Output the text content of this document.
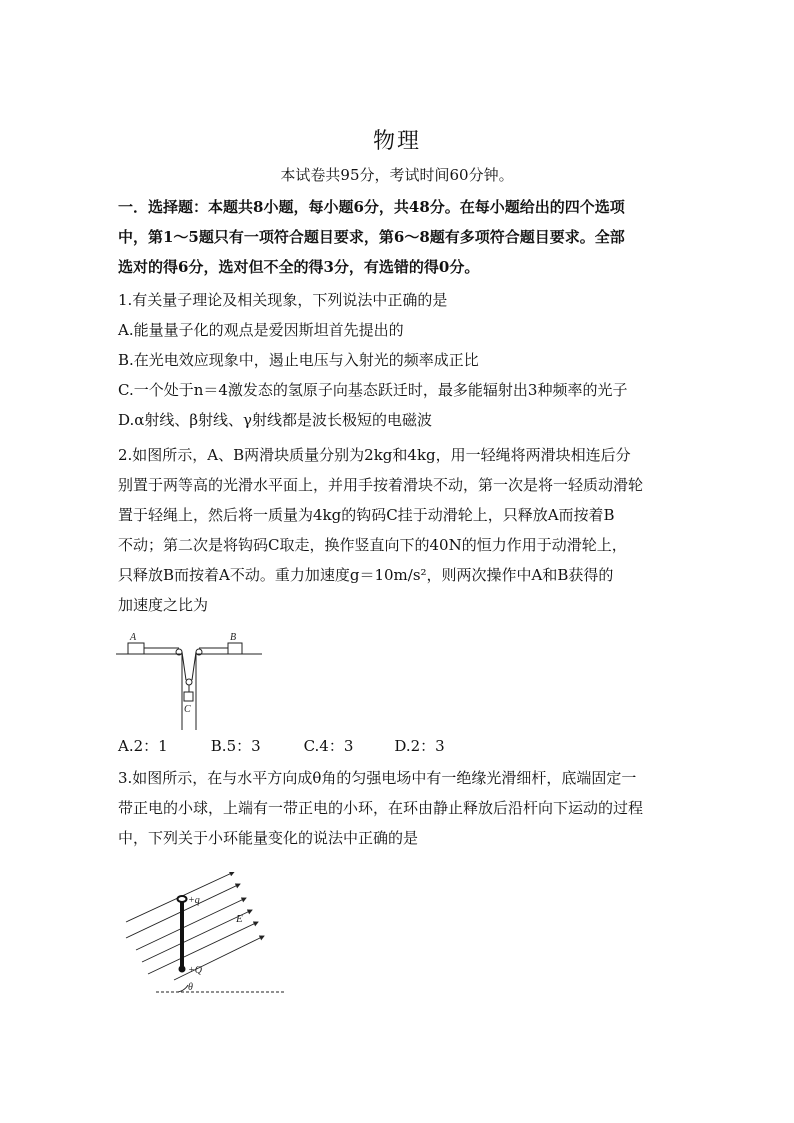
物理
本试卷共95分，考试时间60分钟。
一．选择题：本题共8小题，每小题6分，共48分。在每小题给出的四个选项
中，第1～5题只有一项符合题目要求，第6～8题有多项符合题目要求。全部
选对的得6分，选对但不全的得3分，有选错的得0分。
1.有关量子理论及相关现象，下列说法中正确的是
A.能量量子化的观点是爱因斯坦首先提出的
B.在光电效应现象中，遏止电压与入射光的频率成正比
C.一个处于n＝4激发态的氢原子向基态跃迁时，最多能辐射出3种频率的光子
D.α射线、β射线、γ射线都是波长极短的电磁波
2.如图所示，A、B两滑块质量分别为2kg和4kg，用一轻绳将两滑块相连后分
别置于两等高的光滑水平面上，并用手按着滑块不动，第一次是将一轻质动滑轮
置于轻绳上，然后将一质量为4kg的钩码C挂于动滑轮上，只释放A而按着B
不动；第二次是将钩码C取走，换作竖直向下的40N的恒力作用于动滑轮上，
只释放B而按着A不动。重力加速度g＝10m/s²，则两次操作中A和B获得的
加速度之比为
A	B
C
A.2：1	B.5：3	C.4：3	D.2：3
3.如图所示，在与水平方向成θ角的匀强电场中有一绝缘光滑细杆，底端固定一
带正电的小球，上端有一带正电的小环，在环由静止释放后沿杆向下运动的过程
中，下列关于小环能量变化的说法中正确的是
+q
E
+Q
θ
